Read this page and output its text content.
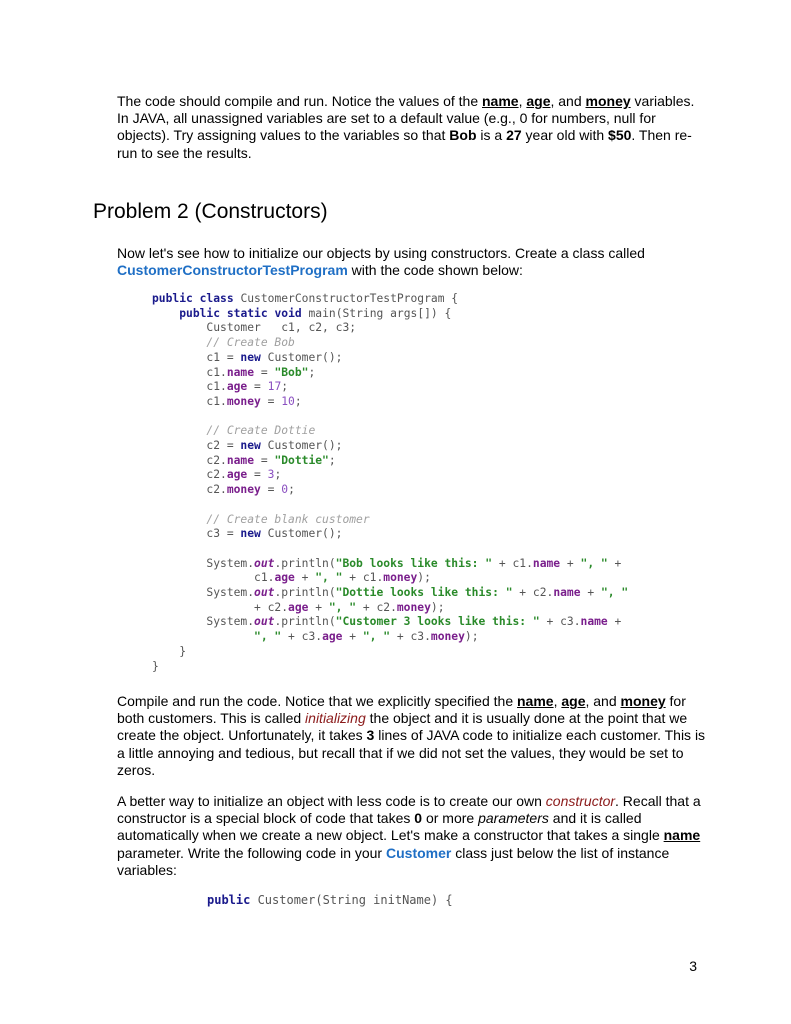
The code should compile and run. Notice the values of the name, age, and money variables. In JAVA, all unassigned variables are set to a default value (e.g., 0 for numbers, null for objects). Try assigning values to the variables so that Bob is a 27 year old with $50. Then re-run to see the results.
Problem 2 (Constructors)
Now let's see how to initialize our objects by using constructors. Create a class called CustomerConstructorTestProgram with the code shown below:
public class CustomerConstructorTestProgram {
public static void main(String args[]) {
Customer   c1, c2, c3;
// Create Bob
c1 = new Customer();
c1.name = "Bob";
c1.age = 17;
c1.money = 10;

// Create Dottie
c2 = new Customer();
c2.name = "Dottie";
c2.age = 3;
c2.money = 0;

// Create blank customer
c3 = new Customer();

System.out.println("Bob looks like this: " + c1.name + ", " +
c1.age + ", " + c1.money);
System.out.println("Dottie looks like this: " + c2.name + ", "
+ c2.age + ", " + c2.money);
System.out.println("Customer 3 looks like this: " + c3.name +
", " + c3.age + ", " + c3.money);
}
}
Compile and run the code. Notice that we explicitly specified the name, age, and money for both customers. This is called initializing the object and it is usually done at the point that we create the object. Unfortunately, it takes 3 lines of JAVA code to initialize each customer. This is a little annoying and tedious, but recall that if we did not set the values, they would be set to zeros.
A better way to initialize an object with less code is to create our own constructor. Recall that a constructor is a special block of code that takes 0 or more parameters and it is called automatically when we create a new object. Let's make a constructor that takes a single name parameter. Write the following code in your Customer class just below the list of instance variables:
public Customer(String initName) {
3
